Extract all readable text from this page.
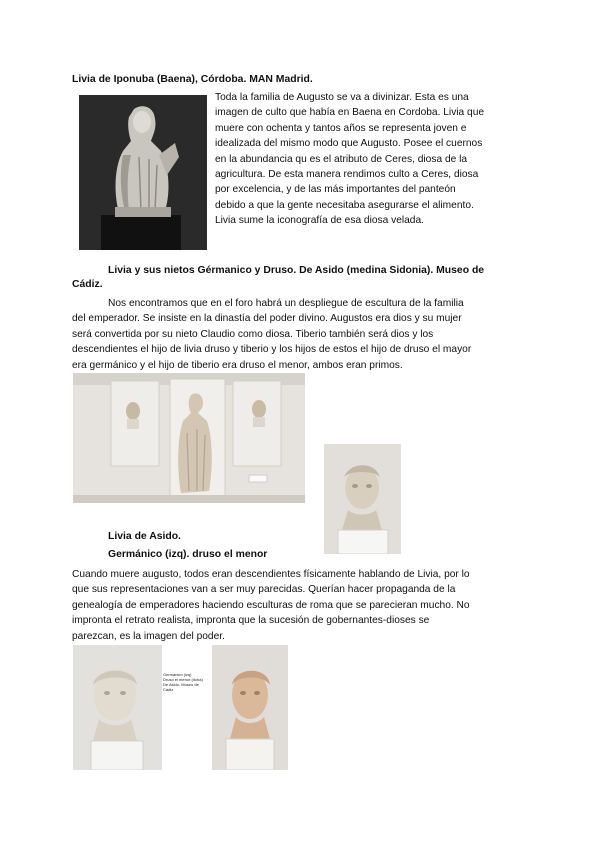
Livia de Iponuba (Baena), Córdoba. MAN Madrid.
Toda la familia de Augusto se va a divinizar. Esta es una
imagen de culto que había en Baena en Cordoba. Livia que
muere con ochenta y tantos años se representa joven e
idealizada del mismo modo que Augusto. Posee el cuernos
en la abundancia qu es el atributo de Ceres, diosa de la
agricultura. De esta manera rendimos culto a Ceres, diosa
por excelencia, y de las más importantes del panteón
debido a que la gente necesitaba asegurarse el alimento.
Livia sume la iconografía de esa diosa velada.
Livia y sus nietos Gérmanico y Druso. De Asido (medina Sidonia). Museo de
Cádiz.
Nos encontramos que en el foro habrá un despliegue de escultura de la familia
del emperador. Se insiste en la dinastía del poder divino. Augustos era dios y su mujer
será convertida por su nieto Claudio como diosa. Tiberio también será dios y los
descendientes el hijo de livia druso y tiberio y los hijos de estos el hijo de druso el mayor
era germánico y el hijo de tiberio era druso el menor, ambos eran primos.
Livia de Asido.
Germánico (izq). druso el menor
Cuando muere augusto, todos eran descendientes físicamente hablando de Livia, por lo
que sus representaciones van a ser muy parecidas. Querían hacer propaganda de la
genealogía de emperadores haciendo esculturas de roma que se parecieran mucho. No
impronta el retrato realista, impronta que la sucesión de gobernantes-dioses se
parezcan, es la imagen del poder.
Germánico (izq)
Druso el menor (dcha)
De Asido, Museo de
Cádiz
